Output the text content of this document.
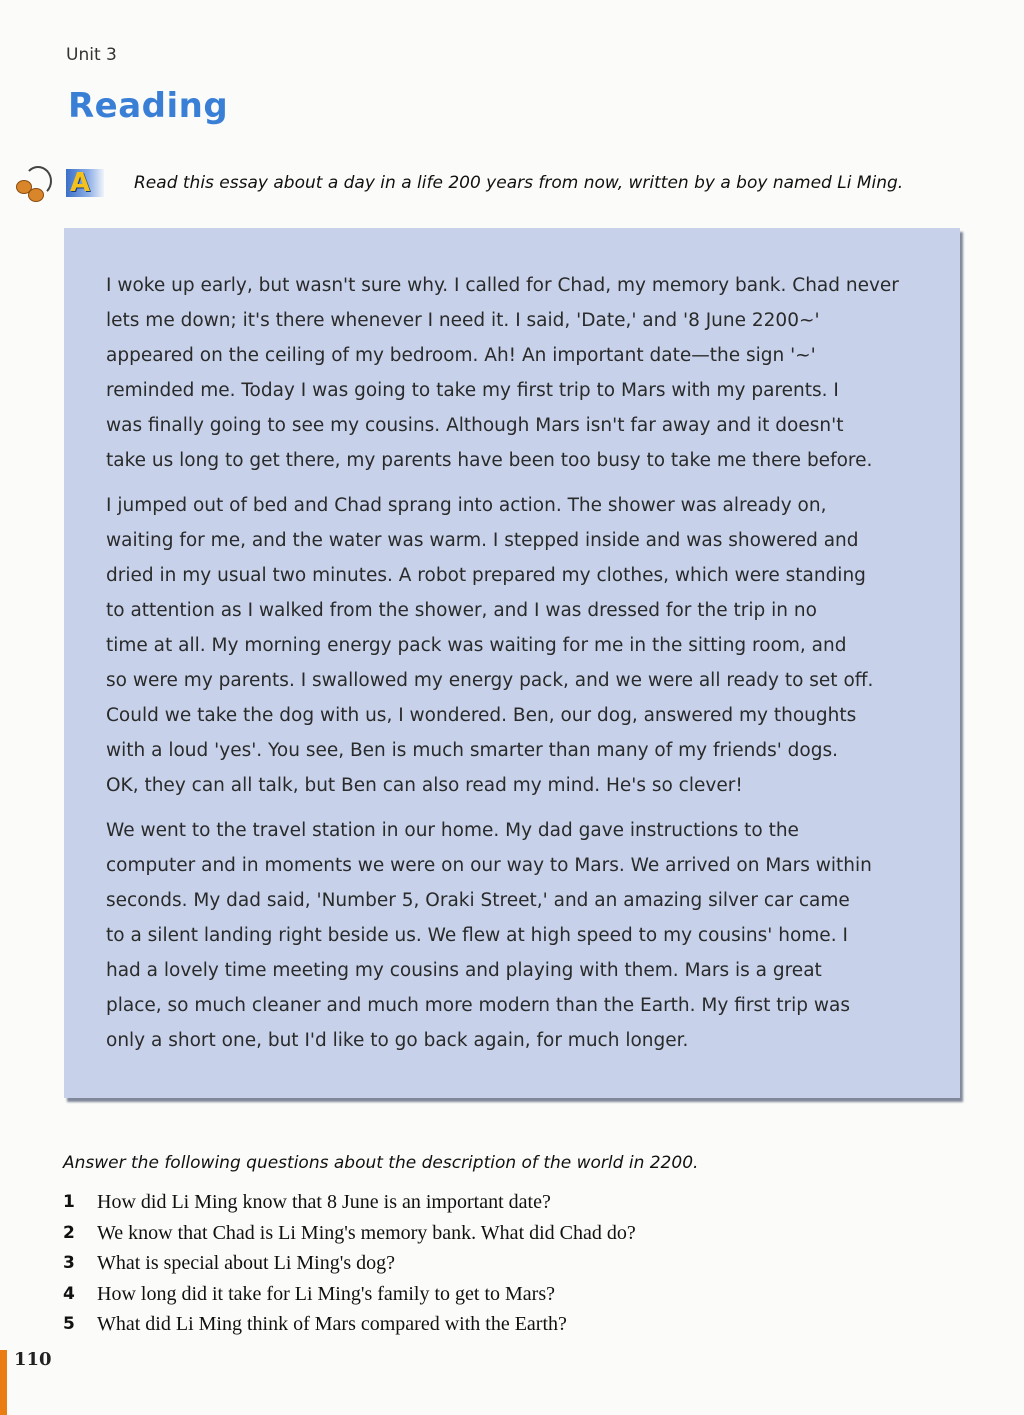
Unit 3
Reading
A	Read this essay about a day in a life 200 years from now, written by a boy named Li Ming.
I woke up early, but wasn't sure why. I called for Chad, my memory bank. Chad never
lets me down; it's there whenever I need it. I said, 'Date,' and '8 June 2200~'
appeared on the ceiling of my bedroom. Ah! An important date—the sign '~'
reminded me. Today I was going to take my first trip to Mars with my parents. I
was finally going to see my cousins. Although Mars isn't far away and it doesn't
take us long to get there, my parents have been too busy to take me there before.
I jumped out of bed and Chad sprang into action. The shower was already on,
waiting for me, and the water was warm. I stepped inside and was showered and
dried in my usual two minutes. A robot prepared my clothes, which were standing
to attention as I walked from the shower, and I was dressed for the trip in no
time at all. My morning energy pack was waiting for me in the sitting room, and
so were my parents. I swallowed my energy pack, and we were all ready to set off.
Could we take the dog with us, I wondered. Ben, our dog, answered my thoughts
with a loud 'yes'. You see, Ben is much smarter than many of my friends' dogs.
OK, they can all talk, but Ben can also read my mind. He's so clever!
We went to the travel station in our home. My dad gave instructions to the
computer and in moments we were on our way to Mars. We arrived on Mars within
seconds. My dad said, 'Number 5, Oraki Street,' and an amazing silver car came
to a silent landing right beside us. We flew at high speed to my cousins' home. I
had a lovely time meeting my cousins and playing with them. Mars is a great
place, so much cleaner and much more modern than the Earth. My first trip was
only a short one, but I'd like to go back again, for much longer.
Answer the following questions about the description of the world in 2200.
1	How did Li Ming know that 8 June is an important date?
2	We know that Chad is Li Ming's memory bank. What did Chad do?
3	What is special about Li Ming's dog?
4	How long did it take for Li Ming's family to get to Mars?
5	What did Li Ming think of Mars compared with the Earth?
110
